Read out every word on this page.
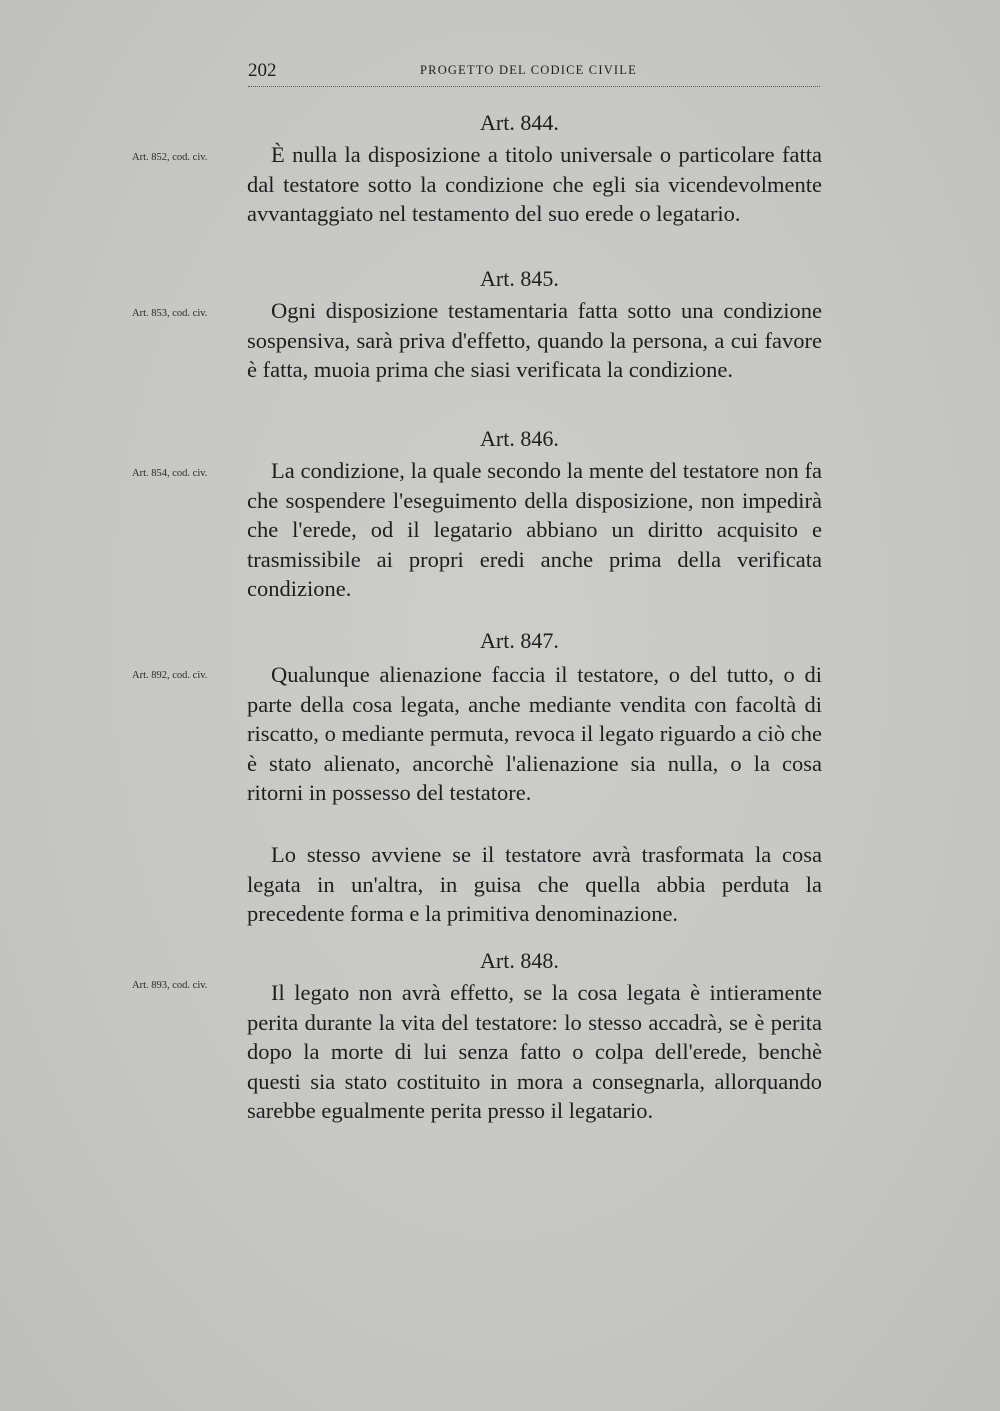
202	PROGETTO DEL CODICE CIVILE
Art. 844.
Art. 852, cod. civ.	È nulla la disposizione a titolo universale o particolare fatta dal testatore sotto la condizione che egli sia vicendevolmente avvantaggiato nel testamento del suo erede o legatario.
Art. 845.
Art. 853, cod. civ.	Ogni disposizione testamentaria fatta sotto una condizione sospensiva, sarà priva d'effetto, quando la persona, a cui favore è fatta, muoia prima che siasi verificata la condizione.
Art. 846.
Art. 854, cod. civ.	La condizione, la quale secondo la mente del testatore non fa che sospendere l'eseguimento della disposizione, non impedirà che l'erede, od il legatario abbiano un diritto acquisito e trasmissibile ai propri eredi anche prima della verificata condizione.
Art. 847.
Art. 892, cod. civ.	Qualunque alienazione faccia il testatore, o del tutto, o di parte della cosa legata, anche mediante vendita con facoltà di riscatto, o mediante permuta, revoca il legato riguardo a ciò che è stato alienato, ancorchè l'alienazione sia nulla, o la cosa ritorni in possesso del testatore.
Lo stesso avviene se il testatore avrà trasformata la cosa legata in un'altra, in guisa che quella abbia perduta la precedente forma e la primitiva denominazione.
Art. 848.
Art. 893, cod. civ.	Il legato non avrà effetto, se la cosa legata è intieramente perita durante la vita del testatore: lo stesso accadrà, se è perita dopo la morte di lui senza fatto o colpa dell'erede, benchè questi sia stato costituito in mora a consegnarla, allorquando sarebbe egualmente perita presso il legatario.
